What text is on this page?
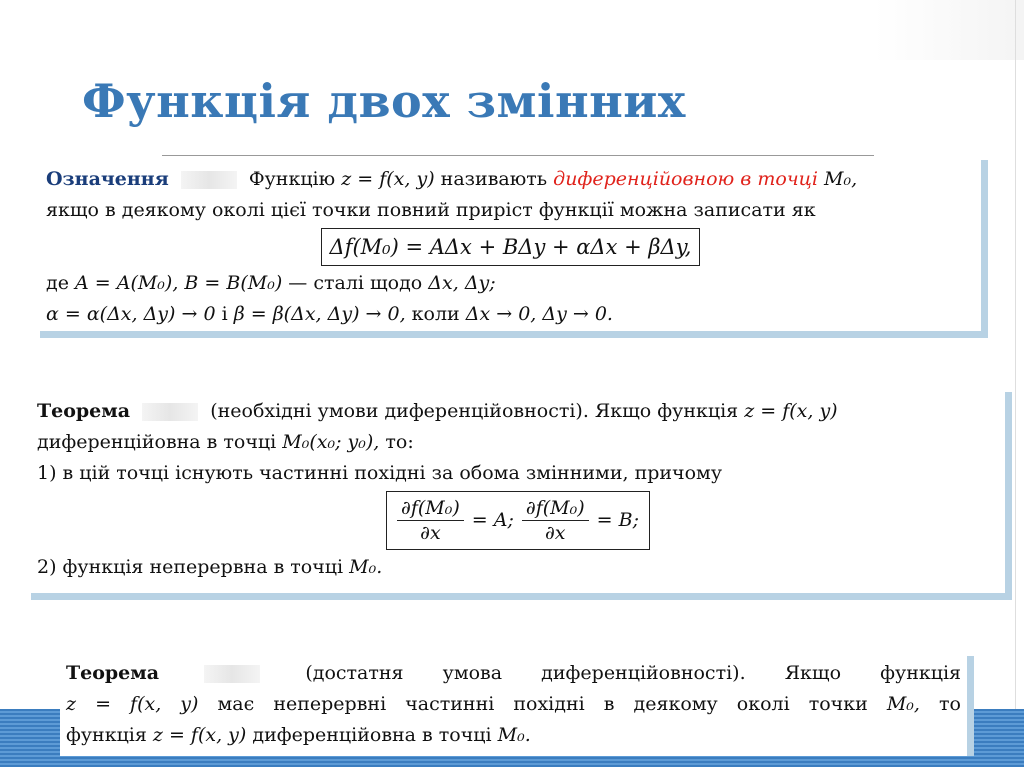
Функція двох змінних
Означення	Функцію z = f(x, y) називають диференційовною в точці M₀,
якщо в деякому околі цієї точки повний приріст функції можна записати як
Δf(M₀) = AΔx + BΔy + αΔx + βΔy,
де A = A(M₀), B = B(M₀) — сталі щодо Δx, Δy;
α = α(Δx, Δy) → 0 і β = β(Δx, Δy) → 0, коли Δx → 0, Δy → 0.
Теорема	(необхідні умови диференційовності). Якщо функція z = f(x, y)
диференційовна в точці M₀(x₀; y₀), то:
1) в цій точці існують частинні похідні за обома змінними, причому
$\frac{\text{∂f(M₀)}}{\partial x} = A$; $\frac{\text{∂f(M₀)}}{\partial x} = B$;
2) функція неперервна в точці M₀.
Теорема	(достатня умова диференційовності). Якщо функція
z = f(x, y) має неперервні частинні похідні в деякому околі точки M₀, то
функція z = f(x, y) диференційовна в точці M₀.
